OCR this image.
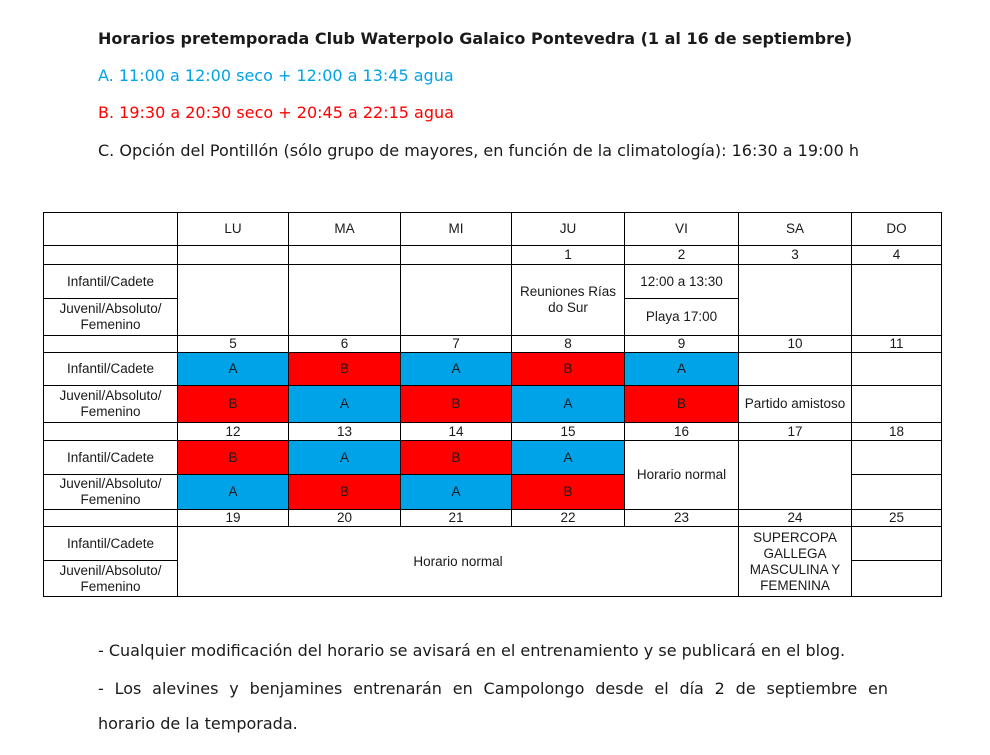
Horarios pretemporada Club Waterpolo Galaico Pontevedra (1 al 16 de septiembre)

A. 11:00 a 12:00 seco + 12:00 a 13:45 agua

B. 19:30 a 20:30 seco + 20:45 a 22:15 agua

C. Opción del Pontillón (sólo grupo de mayores, en función de la climatología): 16:30 a 19:00 h

	LU	MA	MI	JU	VI	SA	DO
				1	2	3	4
Infantil/Cadete				Reuniones Rías do Sur	12:00 a 13:30		
Juvenil/Absoluto/ Femenino					Playa 17:00		
	5	6	7	8	9	10	11
Infantil/Cadete	A	B	A	B	A		
Juvenil/Absoluto/ Femenino	B	A	B	A	B	Partido amistoso	
	12	13	14	15	16	17	18
Infantil/Cadete	B	A	B	A	Horario normal		
Juvenil/Absoluto/ Femenino	A	B	A	B			
	19	20	21	22	23	24	25
Infantil/Cadete	Horario normal					SUPERCOPA GALLEGA MASCULINA Y FEMENINA	
Juvenil/Absoluto/ Femenino							

- Cualquier modificación del horario se avisará en el entrenamiento y se publicará en el blog.

- Los alevines y benjamines entrenarán en Campolongo desde el día 2 de septiembre en

horario de la temporada.
